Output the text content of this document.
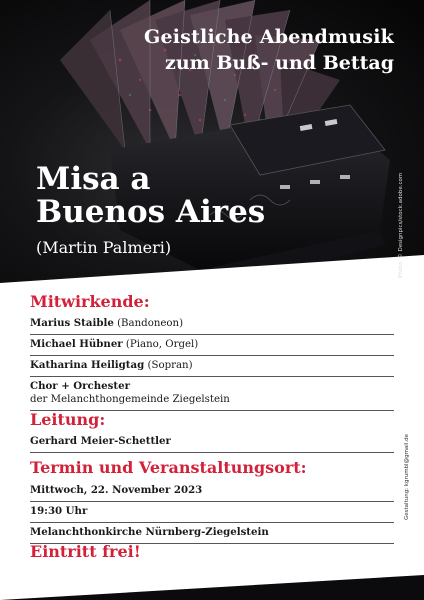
Geistliche Abendmusik
zum Buß- und Bettag
Misa a
Buenos Aires
(Martin Palmeri)	Photo: © Designpics/stock.adobe.com
Gestaltung: kgrumbl@gmail.de
Mitwirkende:
Marius Staible (Bandoneon)
Michael Hübner (Piano, Orgel)
Katharina Heiligtag (Sopran)
Chor + Orchester
der Melanchthongemeinde Ziegelstein
Leitung:
Gerhard Meier-Schettler
Termin und Veranstaltungsort:
Mittwoch, 22. November 2023
19:30 Uhr
Melanchthonkirche Nürnberg-Ziegelstein
Eintritt frei!
